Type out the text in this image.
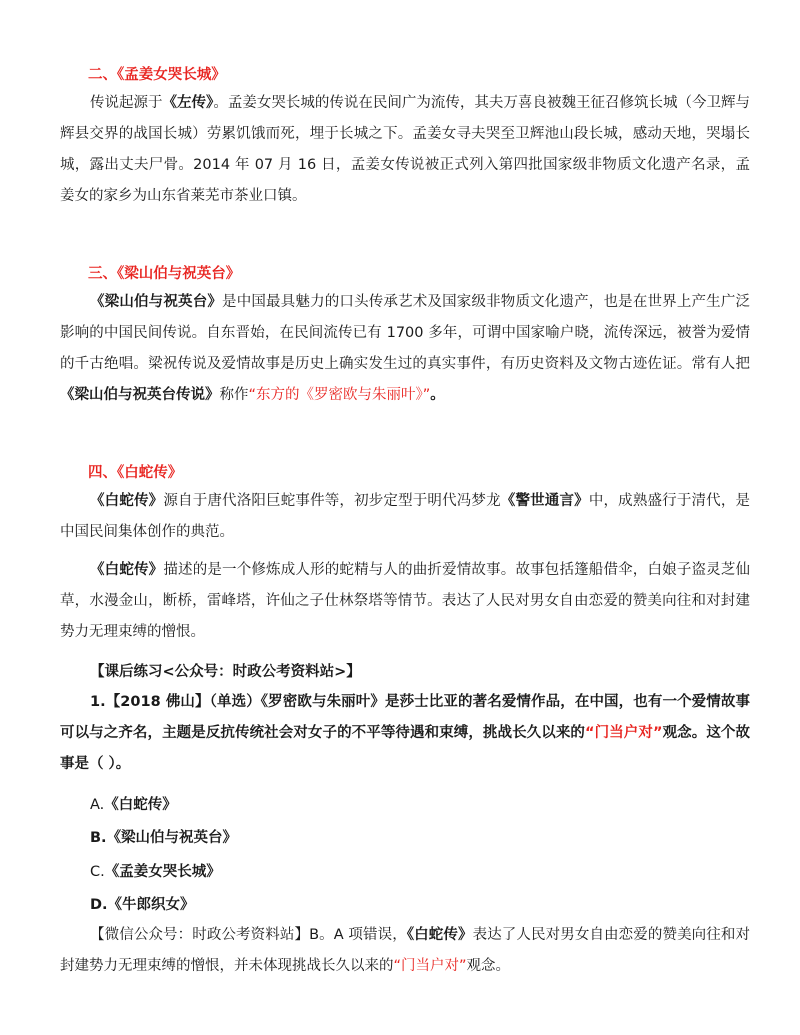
二、《孟姜女哭长城》
传说起源于《左传》。孟姜女哭长城的传说在民间广为流传，其夫万喜良被魏王征召修筑长城（今卫辉与辉县交界的战国长城）劳累饥饿而死，埋于长城之下。孟姜女寻夫哭至卫辉池山段长城，感动天地，哭塌长城，露出丈夫尸骨。2014 年 07 月 16 日，孟姜女传说被正式列入第四批国家级非物质文化遗产名录，孟姜女的家乡为山东省莱芜市茶业口镇。
三、《梁山伯与祝英台》
《梁山伯与祝英台》是中国最具魅力的口头传承艺术及国家级非物质文化遗产，也是在世界上产生广泛影响的中国民间传说。自东晋始，在民间流传已有 1700 多年，可谓中国家喻户晓，流传深远，被誉为爱情的千古绝唱。梁祝传说及爱情故事是历史上确实发生过的真实事件，有历史资料及文物古迹佐证。常有人把《梁山伯与祝英台传说》称作“东方的《罗密欧与朱丽叶》”。
四、《白蛇传》
《白蛇传》源自于唐代洛阳巨蛇事件等，初步定型于明代冯梦龙《警世通言》中，成熟盛行于清代，是中国民间集体创作的典范。
《白蛇传》描述的是一个修炼成人形的蛇精与人的曲折爱情故事。故事包括篷船借伞，白娘子盗灵芝仙草，水漫金山，断桥，雷峰塔，许仙之子仕林祭塔等情节。表达了人民对男女自由恋爱的赞美向往和对封建势力无理束缚的憎恨。
【课后练习<公众号：时政公考资料站>】
1.【2018 佛山】（单选）《罗密欧与朱丽叶》是莎士比亚的著名爱情作品，在中国，也有一个爱情故事可以与之齐名，主题是反抗传统社会对女子的不平等待遇和束缚，挑战长久以来的“门当户对”观念。这个故事是（ ）。
A.《白蛇传》
B.《梁山伯与祝英台》
C.《孟姜女哭长城》
D.《牛郎织女》
【微信公众号：时政公考资料站】B。A 项错误，《白蛇传》表达了人民对男女自由恋爱的赞美向往和对封建势力无理束缚的憎恨，并未体现挑战长久以来的“门当户对”观念。
